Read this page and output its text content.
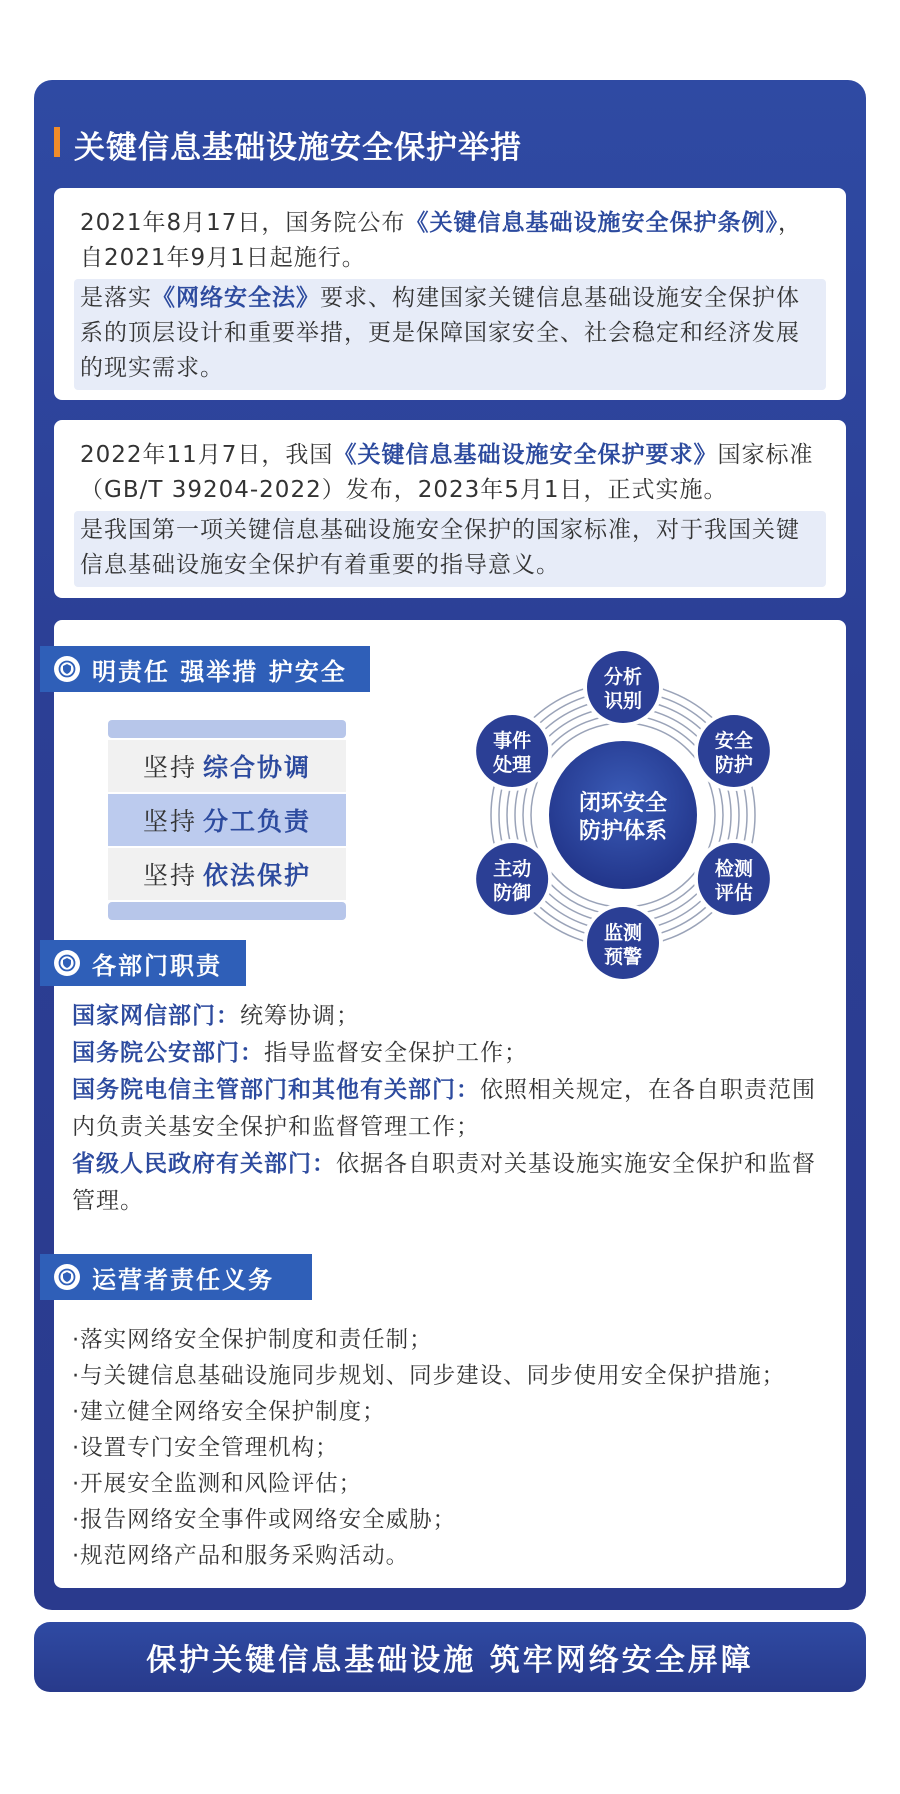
关键信息基础设施安全保护举措
2021年8月17日，国务院公布《关键信息基础设施安全保护条例》，自2021年9月1日起施行。
是落实《网络安全法》要求、构建国家关键信息基础设施安全保护体系的顶层设计和重要举措，更是保障国家安全、社会稳定和经济发展的现实需求。
2022年11月7日，我国《关键信息基础设施安全保护要求》国家标准（GB/T 39204-2022）发布，2023年5月1日，正式实施。
是我国第一项关键信息基础设施安全保护的国家标准，对于我国关键信息基础设施安全保护有着重要的指导意义。
明责任 强举措 护安全
坚持 综合协调
坚持 分工负责
坚持 依法保护
闭环安全
防护体系
分析
识别
安全
防护
检测
评估
监测
预警
主动
防御
事件
处理
各部门职责
国家网信部门：统筹协调；
国务院公安部门：指导监督安全保护工作；
国务院电信主管部门和其他有关部门：依照相关规定，在各自职责范围内负责关基安全保护和监督管理工作；
省级人民政府有关部门：依据各自职责对关基设施实施安全保护和监督管理。
运营者责任义务
·落实网络安全保护制度和责任制；
·与关键信息基础设施同步规划、同步建设、同步使用安全保护措施；
·建立健全网络安全保护制度；
·设置专门安全管理机构；
·开展安全监测和风险评估；
·报告网络安全事件或网络安全威胁；
·规范网络产品和服务采购活动。
保护关键信息基础设施 筑牢网络安全屏障
